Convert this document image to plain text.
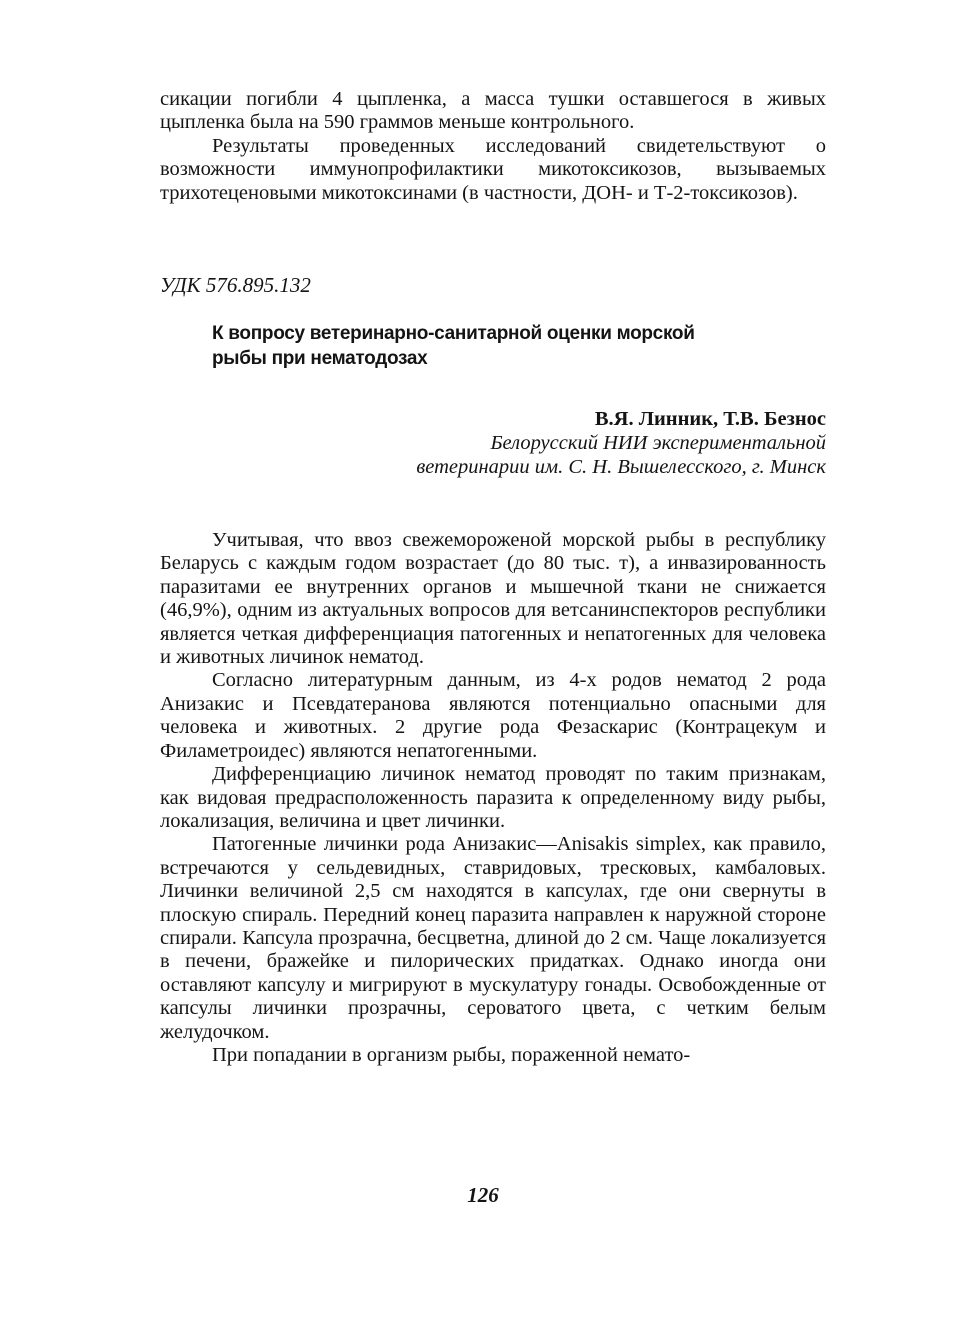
сикации погибли 4 цыпленка, а масса тушки оставшегося в живых цыпленка была на 590 граммов меньше контрольного.

Результаты проведенных исследований свидетельствуют о возможности иммунопрофилактики микотоксикозов, вызываемых трихотеценовыми микотоксинами (в частности, ДОН- и Т-2-токсикозов).

УДК 576.895.132
К вопросу ветеринарно-санитарной оценки морской
рыбы при нематодозах
В.Я. Линник, Т.В. Безнос
Белорусский НИИ экспериментальной
ветеринарии им. С. Н. Вышелесского, г. Минск

Учитывая, что ввоз свежемороженой морской рыбы в республику Беларусь с каждым годом возрастает (до 80 тыс. т), а инвазированность паразитами ее внутренних органов и мышечной ткани не снижается (46,9%), одним из актуальных вопросов для ветсанинспекторов республики является четкая дифференциация патогенных и непатогенных для человека и животных личинок нематод.

Согласно литературным данным, из 4-х родов нематод 2 рода Анизакис и Псевдатеранова являются потенциально опасными для человека и животных. 2 другие рода Фезаскарис (Контрацекум и Филаметроидес) являются непатогенными.

Дифференциацию личинок нематод проводят по таким признакам, как видовая предрасположенность паразита к определенному виду рыбы, локализация, величина и цвет личинки.

Патогенные личинки рода Анизакис—Anisakis simplex, как правило, встречаются у сельдевидных, ставридовых, тресковых, камбаловых. Личинки величиной 2,5 см находятся в капсулах, где они свернуты в плоскую спираль. Передний конец паразита направлен к наружной стороне спирали. Капсула прозрачна, бесцветна, длиной до 2 см. Чаще локализуется в печени, бражейке и пилорических придатках. Однако иногда они оставляют капсулу и мигрируют в мускулатуру гонады. Освобожденные от капсулы личинки прозрачны, сероватого цвета, с четким белым желудочком.

При попадании в организм рыбы, пораженной немато-

126
